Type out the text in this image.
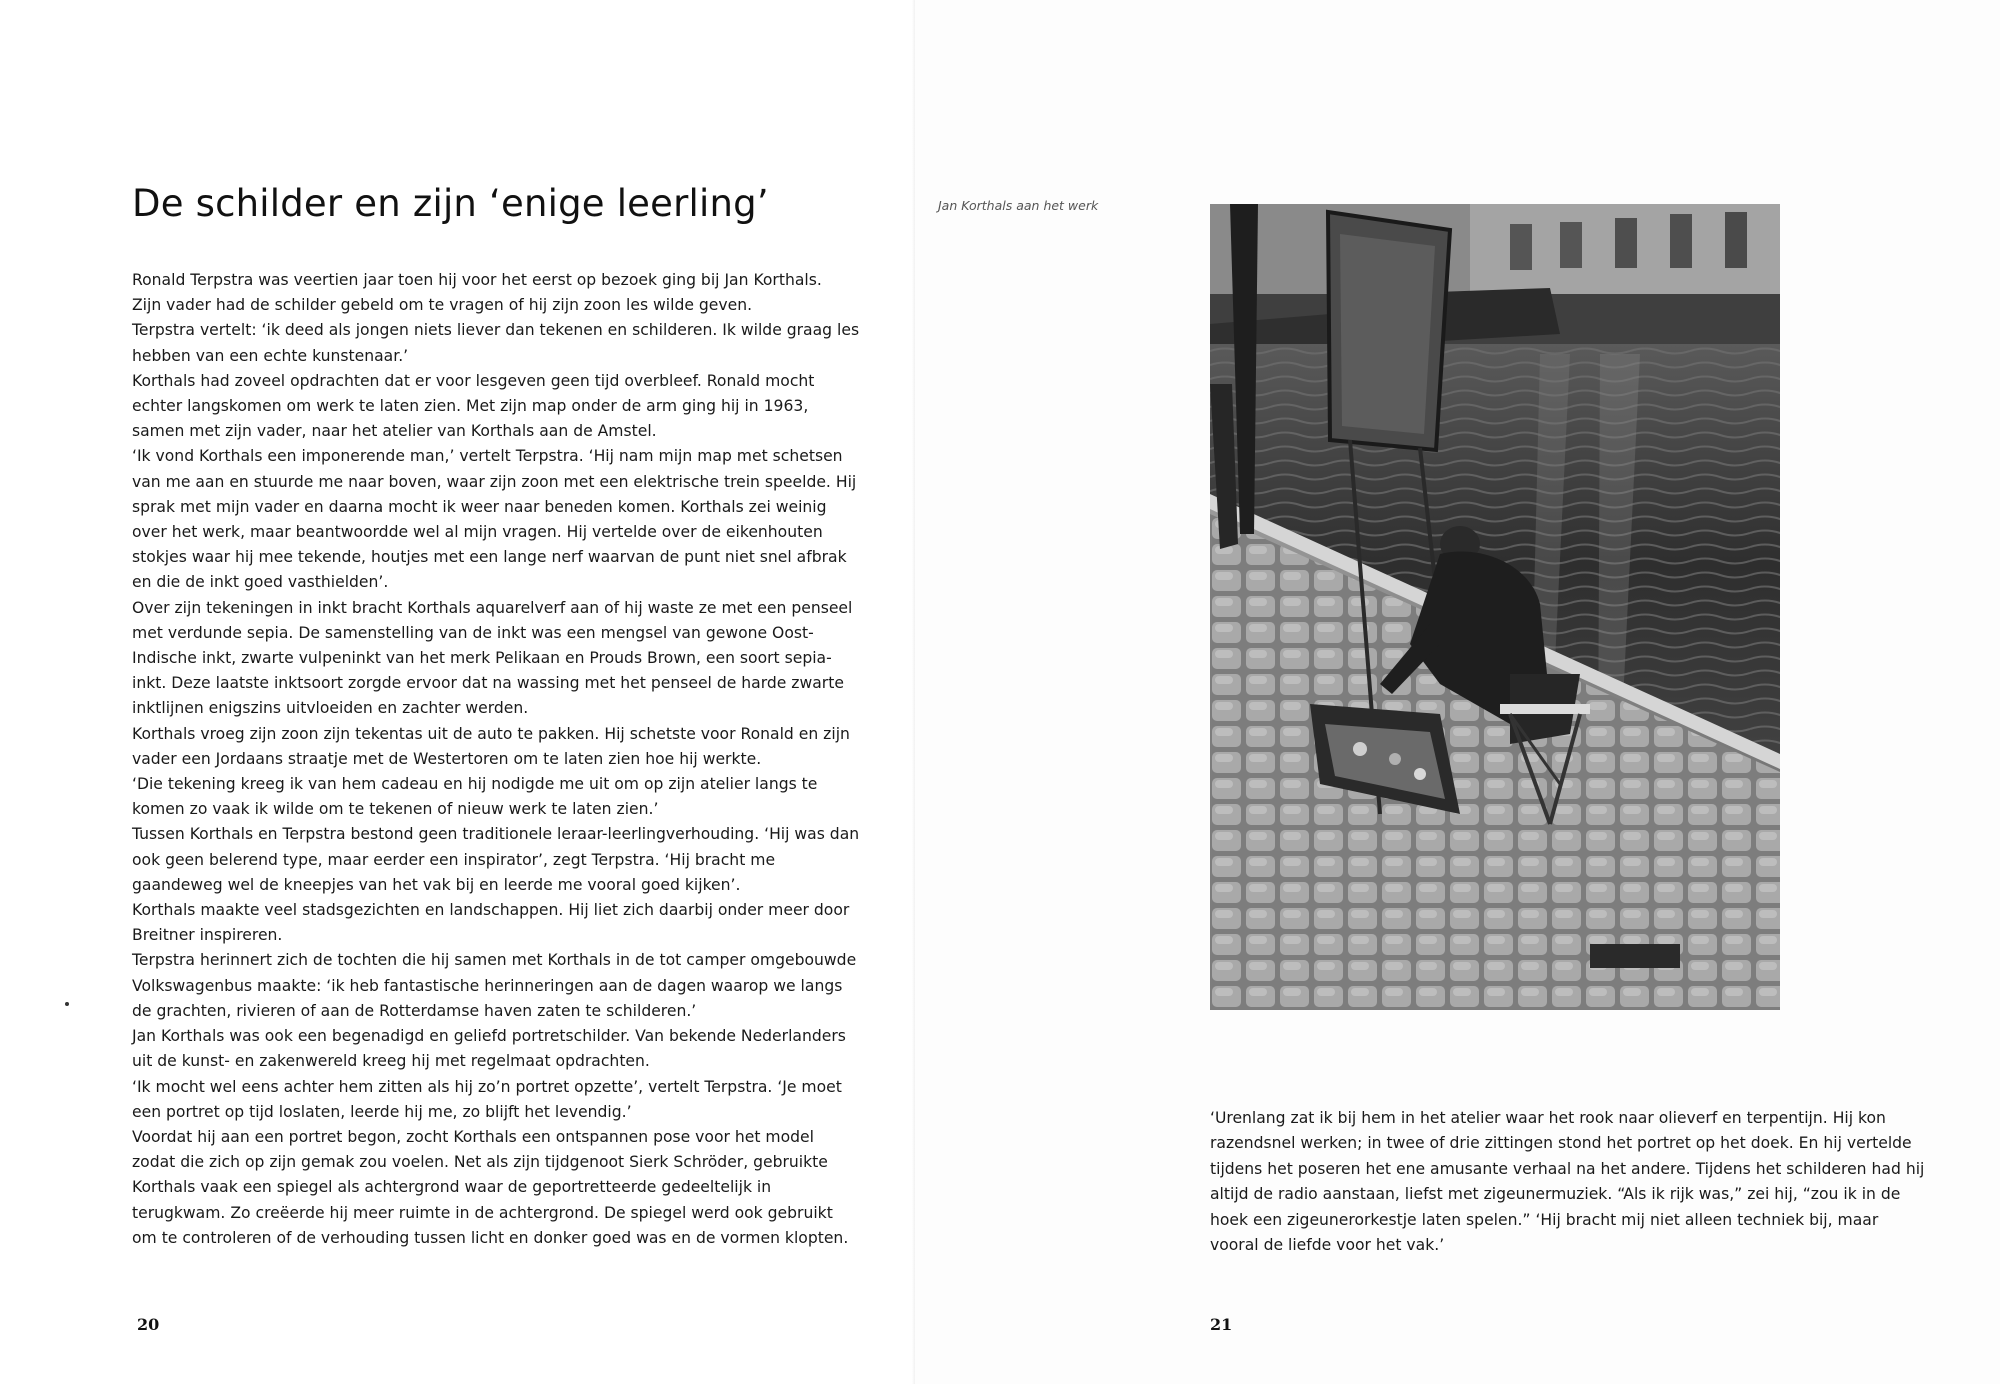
De schilder en zijn ‘enige leerling’

Ronald Terpstra was veertien jaar toen hij voor het eerst op bezoek ging bij Jan Korthals.

Zijn vader had de schilder gebeld om te vragen of hij zijn zoon les wilde geven.

Terpstra vertelt: ‘ik deed als jongen niets liever dan tekenen en schilderen. Ik wilde graag les hebben van een echte kunstenaar.’

Korthals had zoveel opdrachten dat er voor lesgeven geen tijd overbleef. Ronald mocht echter langskomen om werk te laten zien. Met zijn map onder de arm ging hij in 1963, samen met zijn vader, naar het atelier van Korthals aan de Amstel.

‘Ik vond Korthals een imponerende man,’ vertelt Terpstra. ‘Hij nam mijn map met schetsen van me aan en stuurde me naar boven, waar zijn zoon met een elektrische trein speelde. Hij sprak met mijn vader en daarna mocht ik weer naar beneden komen. Korthals zei weinig over het werk, maar beantwoordde wel al mijn vragen. Hij vertelde over de eikenhouten stokjes waar hij mee tekende, houtjes met een lange nerf waarvan de punt niet snel afbrak en die de inkt goed vasthielden’.

Over zijn tekeningen in inkt bracht Korthals aquarelverf aan of hij waste ze met een penseel met verdunde sepia. De samenstelling van de inkt was een mengsel van gewone Oost-Indische inkt, zwarte vulpeninkt van het merk Pelikaan en Prouds Brown, een soort sepia-inkt. Deze laatste inktsoort zorgde ervoor dat na wassing met het penseel de harde zwarte inktlijnen enigszins uitvloeiden en zachter werden.

Korthals vroeg zijn zoon zijn tekentas uit de auto te pakken. Hij schetste voor Ronald en zijn vader een Jordaans straatje met de Westertoren om te laten zien hoe hij werkte.

‘Die tekening kreeg ik van hem cadeau en hij nodigde me uit om op zijn atelier langs te komen zo vaak ik wilde om te tekenen of nieuw werk te laten zien.’

Tussen Korthals en Terpstra bestond geen traditionele leraar-leerlingverhouding. ‘Hij was dan ook geen belerend type, maar eerder een inspirator’, zegt Terpstra. ‘Hij bracht me gaandeweg wel de kneepjes van het vak bij en leerde me vooral goed kijken’.

Korthals maakte veel stadsgezichten en landschappen. Hij liet zich daarbij onder meer door Breitner inspireren.

Terpstra herinnert zich de tochten die hij samen met Korthals in de tot camper omgebouwde Volkswagenbus maakte: ‘ik heb fantastische herinneringen aan de dagen waarop we langs de grachten, rivieren of aan de Rotterdamse haven zaten te schilderen.’

Jan Korthals was ook een begenadigd en geliefd portretschilder. Van bekende Nederlanders uit de kunst- en zakenwereld kreeg hij met regelmaat opdrachten.

‘Ik mocht wel eens achter hem zitten als hij zo’n portret opzette’, vertelt Terpstra. ‘Je moet een portret op tijd loslaten, leerde hij me, zo blijft het levendig.’

Voordat hij aan een portret begon, zocht Korthals een ontspannen pose voor het model zodat die zich op zijn gemak zou voelen. Net als zijn tijdgenoot Sierk Schröder, gebruikte Korthals vaak een spiegel als achtergrond waar de geportretteerde gedeeltelijk in terugkwam. Zo creëerde hij meer ruimte in de achtergrond. De spiegel werd ook gebruikt om te controleren of de verhouding tussen licht en donker goed was en de vormen klopten.

20
Jan Korthals aan het werk

‘Urenlang zat ik bij hem in het atelier waar het rook naar olieverf en terpentijn. Hij kon razendsnel werken; in twee of drie zittingen stond het portret op het doek. En hij vertelde tijdens het poseren het ene amusante verhaal na het andere. Tijdens het schilderen had hij altijd de radio aanstaan, liefst met zigeunermuziek. “Als ik rijk was,” zei hij, “zou ik in de hoek een zigeunerorkestje laten spelen.” ‘Hij bracht mij niet alleen techniek bij, maar vooral de liefde voor het vak.’

21
